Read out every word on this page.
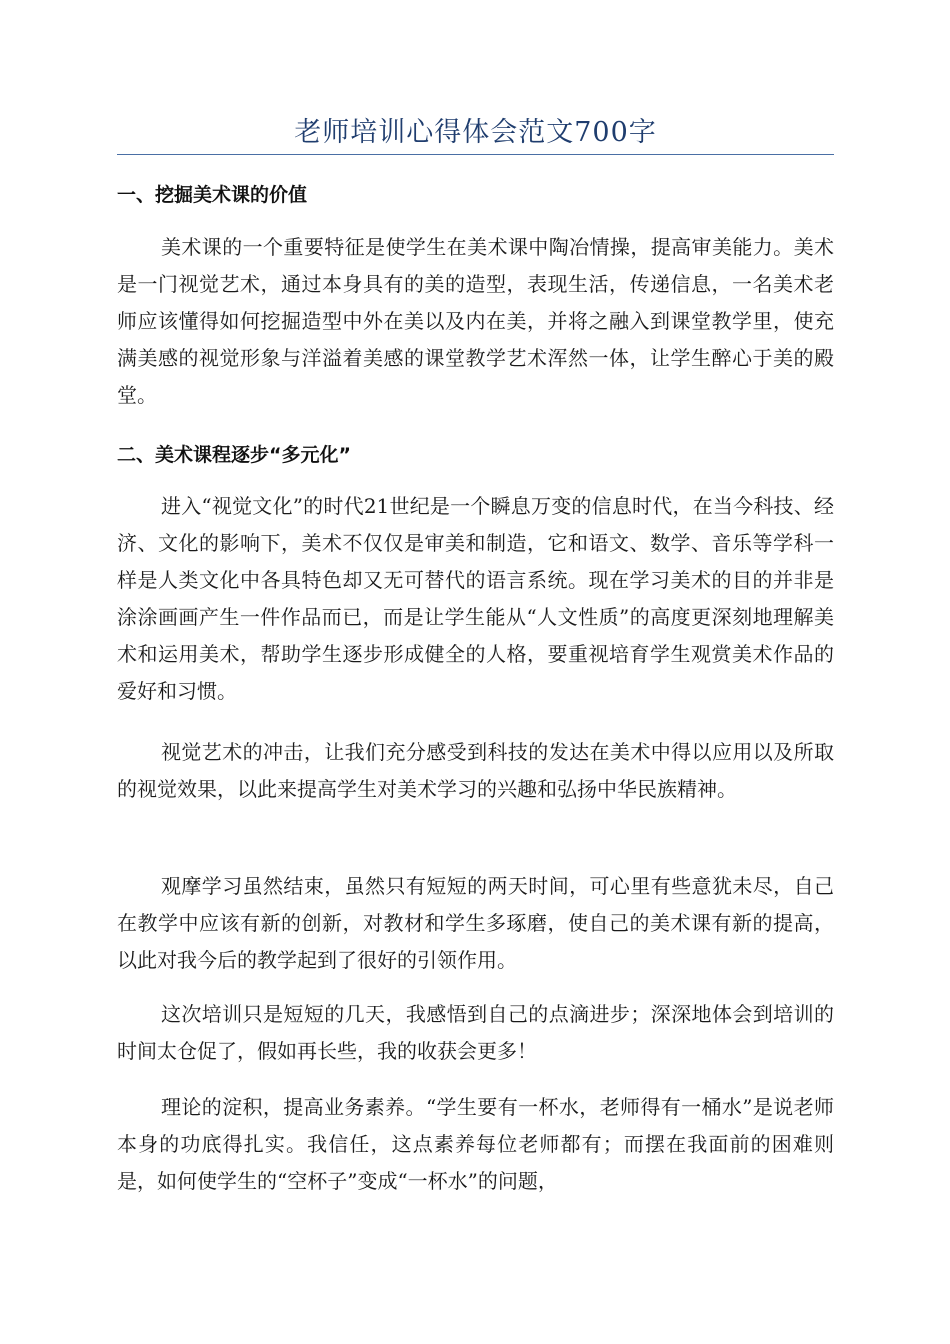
老师培训心得体会范文700字
一、挖掘美术课的价值

美术课的一个重要特征是使学生在美术课中陶冶情操，提高审美能力。美术是一门视觉艺术，通过本身具有的美的造型，表现生活，传递信息，一名美术老师应该懂得如何挖掘造型中外在美以及内在美，并将之融入到课堂教学里，使充满美感的视觉形象与洋溢着美感的课堂教学艺术浑然一体，让学生醉心于美的殿堂。

二、美术课程逐步“多元化”

进入“视觉文化”的时代21世纪是一个瞬息万变的信息时代，在当今科技、经济、文化的影响下，美术不仅仅是审美和制造，它和语文、数学、音乐等学科一样是人类文化中各具特色却又无可替代的语言系统。现在学习美术的目的并非是涂涂画画产生一件作品而已，而是让学生能从“人文性质”的高度更深刻地理解美术和运用美术，帮助学生逐步形成健全的人格，要重视培育学生观赏美术作品的爱好和习惯。

视觉艺术的冲击，让我们充分感受到科技的发达在美术中得以应用以及所取的视觉效果，以此来提高学生对美术学习的兴趣和弘扬中华民族精神。

观摩学习虽然结束，虽然只有短短的两天时间，可心里有些意犹未尽，自己在教学中应该有新的创新，对教材和学生多琢磨，使自己的美术课有新的提高，以此对我今后的教学起到了很好的引领作用。

这次培训只是短短的几天，我感悟到自己的点滴进步；深深地体会到培训的时间太仓促了，假如再长些，我的收获会更多！

理论的淀积，提高业务素养。“学生要有一杯水，老师得有一桶水”是说老师本身的功底得扎实。我信任，这点素养每位老师都有；而摆在我面前的困难则是，如何使学生的“空杯子”变成“一杯水”的问题，
